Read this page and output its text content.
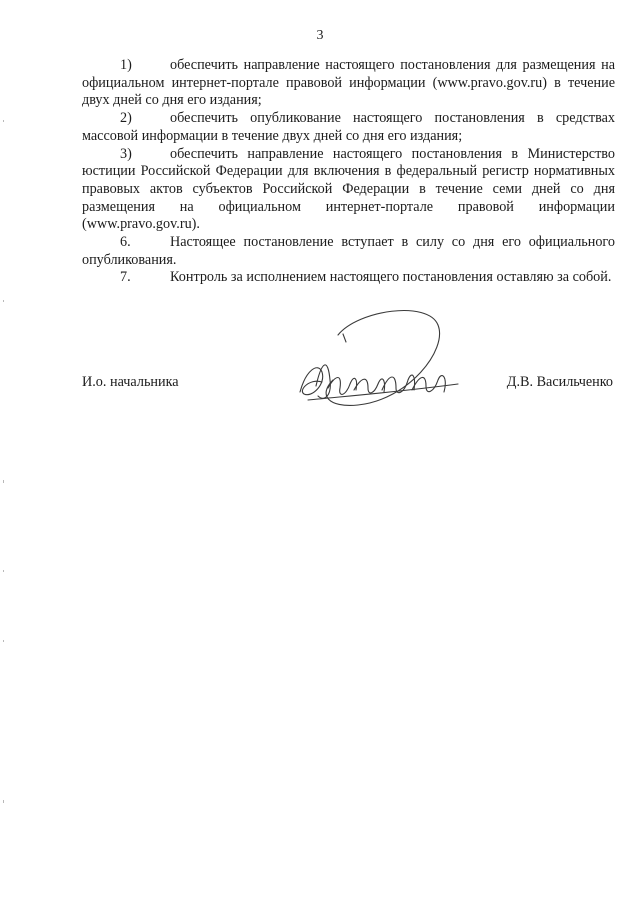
3

1)	обеспечить направление настоящего постановления для размещения на официальном интернет-портале правовой информации (www.pravo.gov.ru) в течение двух дней со дня его издания;

2)	обеспечить опубликование настоящего постановления в средствах массовой информации в течение двух дней со дня его издания;

3)	обеспечить направление настоящего постановления в Министерство юстиции Российской Федерации для включения в федеральный регистр нормативных правовых актов субъектов Российской Федерации в течение семи дней со дня размещения на официальном интернет-портале правовой информации (www.pravo.gov.ru).

6.	Настоящее постановление вступает в силу со дня его официального опубликования.

7.	Контроль за исполнением настоящего постановления оставляю за собой.

И.о. начальника	Д.В. Васильченко
